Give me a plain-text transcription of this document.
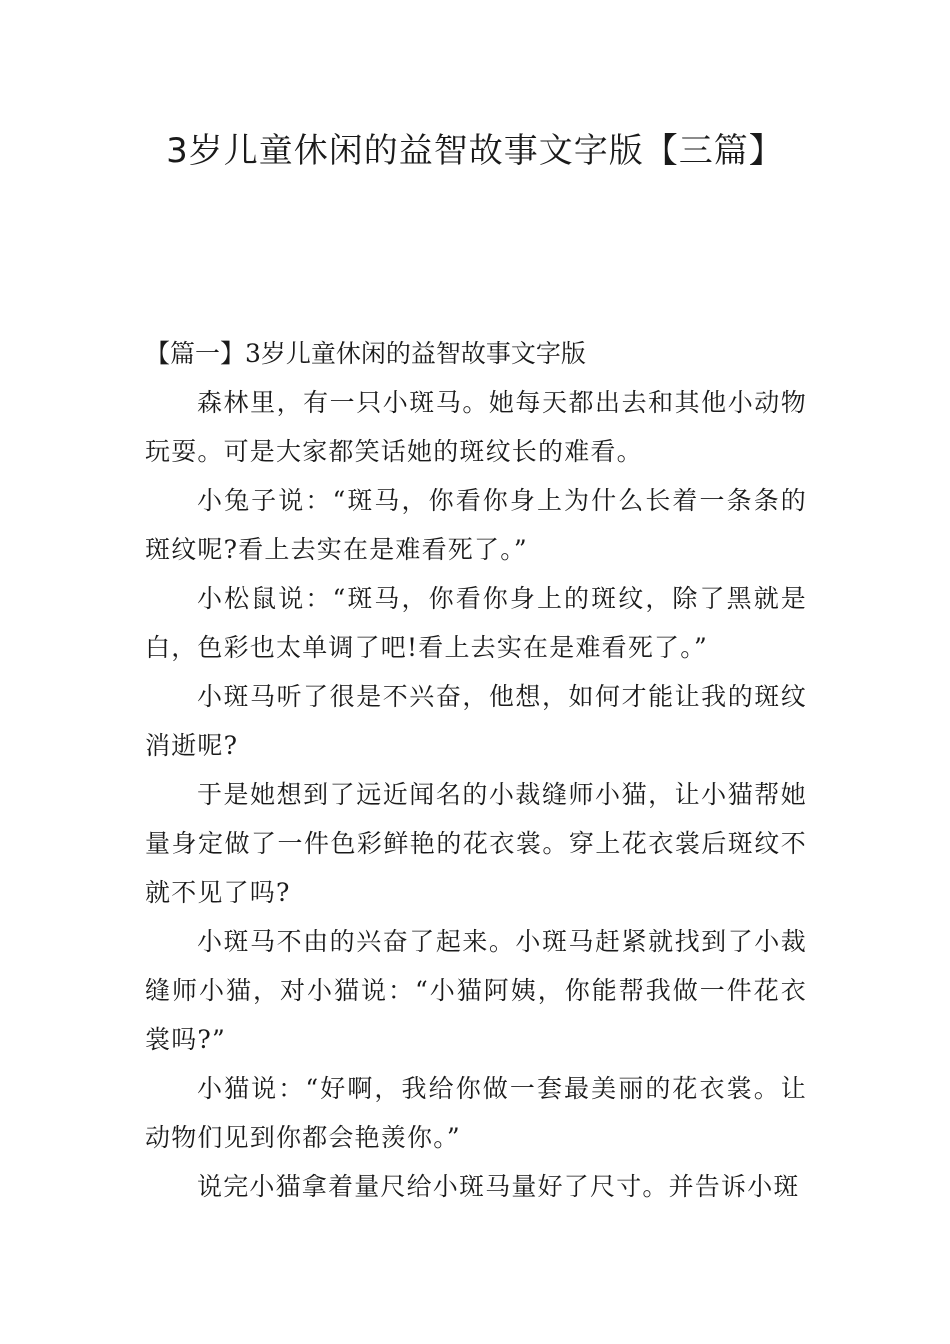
3岁儿童休闲的益智故事文字版【三篇】
【篇一】3岁儿童休闲的益智故事文字版

森林里，有一只小斑马。她每天都出去和其他小动物玩耍。可是大家都笑话她的斑纹长的难看。

小兔子说：“斑马，你看你身上为什么长着一条条的斑纹呢?看上去实在是难看死了。”

小松鼠说：“斑马，你看你身上的斑纹，除了黑就是白，色彩也太单调了吧!看上去实在是难看死了。”

小斑马听了很是不兴奋，他想，如何才能让我的斑纹消逝呢?

于是她想到了远近闻名的小裁缝师小猫，让小猫帮她量身定做了一件色彩鲜艳的花衣裳。穿上花衣裳后斑纹不就不见了吗?

小斑马不由的兴奋了起来。小斑马赶紧就找到了小裁缝师小猫，对小猫说：“小猫阿姨，你能帮我做一件花衣裳吗?”

小猫说：“好啊，我给你做一套最美丽的花衣裳。让动物们见到你都会艳羡你。”

说完小猫拿着量尺给小斑马量好了尺寸。并告诉小斑
